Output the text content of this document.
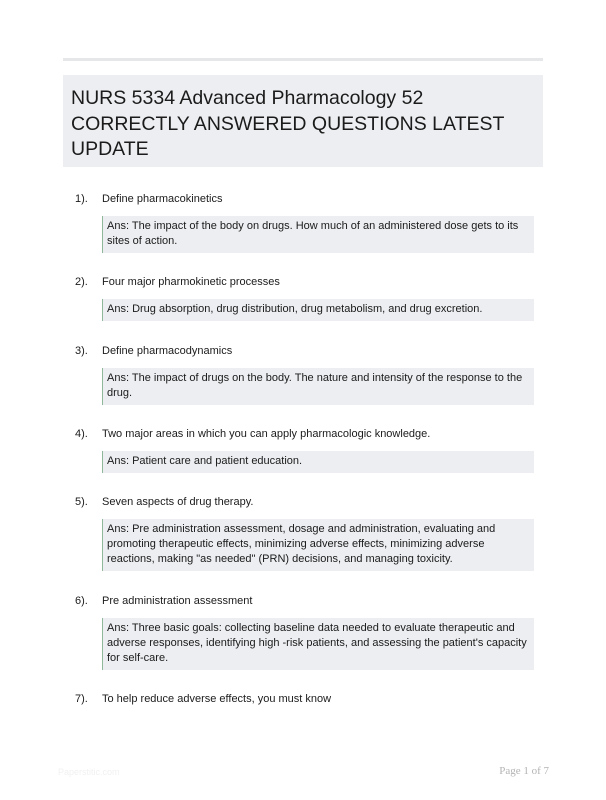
NURS 5334 Advanced Pharmacology 52 CORRECTLY ANSWERED QUESTIONS LATEST UPDATE
1). Define pharmacokinetics
Ans: The impact of the body on drugs. How much of an administered dose gets to its sites of action.
2). Four major pharmokinetic processes
Ans: Drug absorption, drug distribution, drug metabolism, and drug excretion.
3). Define pharmacodynamics
Ans: The impact of drugs on the body. The nature and intensity of the response to the drug.
4). Two major areas in which you can apply pharmacologic knowledge.
Ans: Patient care and patient education.
5). Seven aspects of drug therapy.
Ans: Pre administration assessment, dosage and administration, evaluating and promoting therapeutic effects, minimizing adverse effects, minimizing adverse reactions, making "as needed" (PRN) decisions, and managing toxicity.
6). Pre administration assessment
Ans: Three basic goals: collecting baseline data needed to evaluate therapeutic and adverse responses, identifying high -risk patients, and assessing the patient's capacity for self-care.
7). To help reduce adverse effects, you must know
Paperstitic.com	Page 1 of 7
